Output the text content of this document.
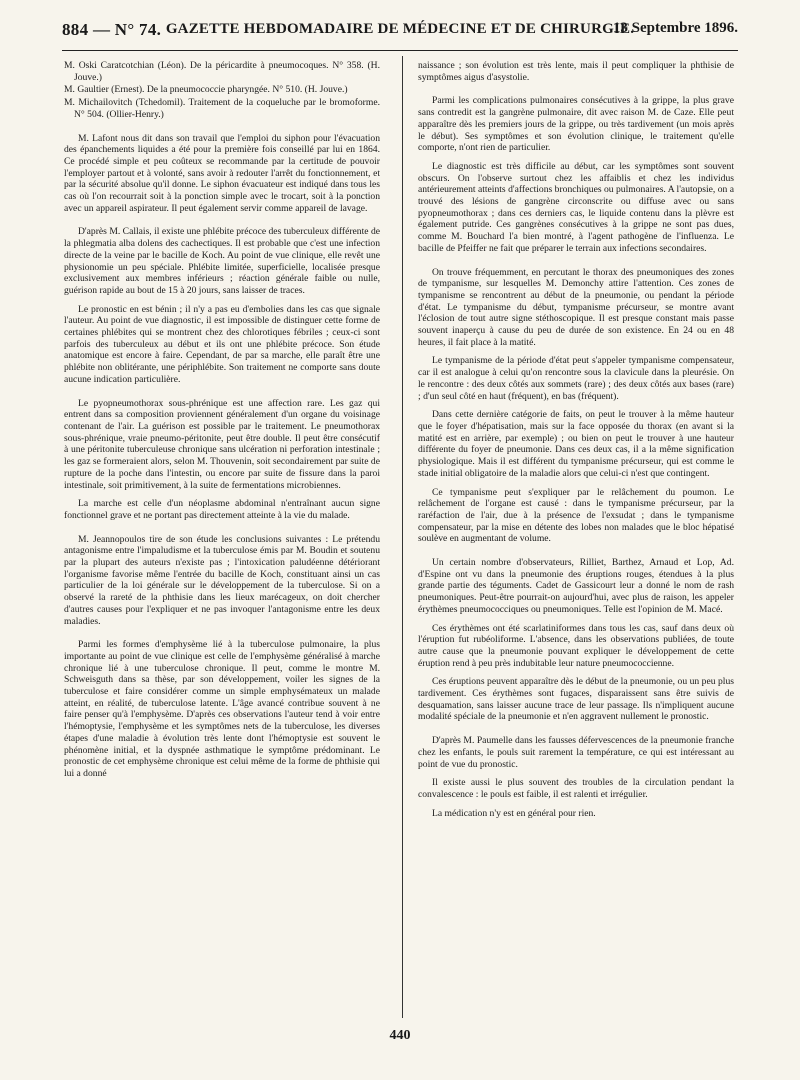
884 — N° 74. GAZETTE HEBDOMADAIRE DE MÉDECINE ET DE CHIRURGIE.
13 Septembre 1896.

M. Oski Caratcotchian (Léon). De la péricardite à pneumocoques. N° 358. (H. Jouve.)

M. Gaultier (Ernest). De la pneumococcie pharyngée. N° 510. (H. Jouve.)

M. Michailovitch (Tchedomil). Traitement de la coqueluche par le bromoforme. N° 504. (Ollier-Henry.)

M. Lafont nous dit dans son travail que l'emploi du siphon pour l'évacuation des épanchements liquides a été pour la première fois conseillé par lui en 1864. Ce procédé simple et peu coûteux se recommande par la certitude de pouvoir l'employer partout et à volonté, sans avoir à redouter l'arrêt du fonctionnement, et par la sécurité absolue qu'il donne. Le siphon évacuateur est indiqué dans tous les cas où l'on recourrait soit à la ponction simple avec le trocart, soit à la ponction avec un appareil aspirateur. Il peut également servir comme appareil de lavage.

D'après M. Callais, il existe une phlébite précoce des tuberculeux différente de la phlegmatia alba dolens des cachectiques. Il est probable que c'est une infection directe de la veine par le bacille de Koch. Au point de vue clinique, elle revêt une physionomie un peu spéciale. Phlébite limitée, superficielle, localisée presque exclusivement aux membres inférieurs ; réaction générale faible ou nulle, guérison rapide au bout de 15 à 20 jours, sans laisser de traces.

Le pronostic en est bénin ; il n'y a pas eu d'embolies dans les cas que signale l'auteur. Au point de vue diagnostic, il est impossible de distinguer cette forme de certaines phlébites qui se montrent chez des chlorotiques fébriles ; ceux-ci sont parfois des tuberculeux au début et ils ont une phlébite précoce. Son étude anatomique est encore à faire. Cependant, de par sa marche, elle paraît être une phlébite non oblitérante, une périphlébite. Son traitement ne comporte sans doute aucune indication particulière.

Le pyopneumothorax sous-phrénique est une affection rare. Les gaz qui entrent dans sa composition proviennent généralement d'un organe du voisinage contenant de l'air. La guérison est possible par le traitement. Le pneumothorax sous-phrénique, vraie pneumo-péritonite, peut être double. Il peut être consécutif à une péritonite tuberculeuse chronique sans ulcération ni perforation intestinale ; les gaz se formeraient alors, selon M. Thouvenin, soit secondairement par suite de rupture de la poche dans l'intestin, ou encore par suite de fissure dans la paroi intestinale, soit primitivement, à la suite de fermentations microbiennes.

La marche est celle d'un néoplasme abdominal n'entraînant aucun signe fonctionnel grave et ne portant pas directement atteinte à la vie du malade.

M. Jeannopoulos tire de son étude les conclusions suivantes : Le prétendu antagonisme entre l'impaludisme et la tuberculose émis par M. Boudin et soutenu par la plupart des auteurs n'existe pas ; l'intoxication paludéenne détériorant l'organisme favorise même l'entrée du bacille de Koch, constituant ainsi un cas particulier de la loi générale sur le développement de la tuberculose. Si on a observé la rareté de la phthisie dans les lieux marécageux, on doit chercher d'autres causes pour l'expliquer et ne pas invoquer l'antagonisme entre les deux maladies.

Parmi les formes d'emphysème lié à la tuberculose pulmonaire, la plus importante au point de vue clinique est celle de l'emphysème généralisé à marche chronique lié à une tuberculose chronique. Il peut, comme le montre M. Schweisguth dans sa thèse, par son développement, voiler les signes de la tuberculose et faire considérer comme un simple emphysémateux un malade atteint, en réalité, de tuberculose latente. L'âge avancé contribue souvent à ne faire penser qu'à l'emphysème. D'après ces observations l'auteur tend à voir entre l'hémoptysie, l'emphysème et les symptômes nets de la tuberculose, les diverses étapes d'une maladie à évolution très lente dont l'hémoptysie est souvent le phénomène initial, et la dyspnée asthmatique le symptôme prédominant. Le pronostic de cet emphysème chronique est celui même de la forme de phthisie qui lui a donné

naissance ; son évolution est très lente, mais il peut compliquer la phthisie de symptômes aigus d'asystolie.

Parmi les complications pulmonaires consécutives à la grippe, la plus grave sans contredit est la gangrène pulmonaire, dit avec raison M. de Caze. Elle peut apparaître dès les premiers jours de la grippe, ou très tardivement (un mois après le début). Ses symptômes et son évolution clinique, le traitement qu'elle comporte, n'ont rien de particulier.

Le diagnostic est très difficile au début, car les symptômes sont souvent obscurs. On l'observe surtout chez les affaiblis et chez les individus antérieurement atteints d'affections bronchiques ou pulmonaires. A l'autopsie, on a trouvé des lésions de gangrène circonscrite ou diffuse avec ou sans pyopneumothorax ; dans ces derniers cas, le liquide contenu dans la plèvre est également putride. Ces gangrènes consécutives à la grippe ne sont pas dues, comme M. Bouchard l'a bien montré, à l'agent pathogène de l'influenza. Le bacille de Pfeiffer ne fait que préparer le terrain aux infections secondaires.

On trouve fréquemment, en percutant le thorax des pneumoniques des zones de tympanisme, sur lesquelles M. Demonchy attire l'attention. Ces zones de tympanisme se rencontrent au début de la pneumonie, ou pendant la période d'état. Le tympanisme du début, tympanisme précurseur, se montre avant l'éclosion de tout autre signe stéthoscopique. Il est presque constant mais passe souvent inaperçu à cause du peu de durée de son existence. En 24 ou en 48 heures, il fait place à la matité.

Le tympanisme de la période d'état peut s'appeler tympanisme compensateur, car il est analogue à celui qu'on rencontre sous la clavicule dans la pleurésie. On le rencontre : des deux côtés aux sommets (rare) ; des deux côtés aux bases (rare) ; d'un seul côté en haut (fréquent), en bas (fréquent).

Dans cette dernière catégorie de faits, on peut le trouver à la même hauteur que le foyer d'hépatisation, mais sur la face opposée du thorax (en avant si la matité est en arrière, par exemple) ; ou bien on peut le trouver à une hauteur différente du foyer de pneumonie. Dans ces deux cas, il a la même signification physiologique. Mais il est différent du tympanisme précurseur, qui est comme le stade initial obligatoire de la maladie alors que celui-ci n'est que contingent.

Ce tympanisme peut s'expliquer par le relâchement du poumon. Le relâchement de l'organe est causé : dans le tympanisme précurseur, par la raréfaction de l'air, due à la présence de l'exsudat ; dans le tympanisme compensateur, par la mise en détente des lobes non malades que le bloc hépatisé soulève en augmentant de volume.

Un certain nombre d'observateurs, Rilliet, Barthez, Arnaud et Lop, Ad. d'Espine ont vu dans la pneumonie des éruptions rouges, étendues à la plus grande partie des téguments. Cadet de Gassicourt leur a donné le nom de rash pneumoniques. Peut-être pourrait-on aujourd'hui, avec plus de raison, les appeler érythèmes pneumococciques ou pneumoniques. Telle est l'opinion de M. Macé.

Ces érythèmes ont été scarlatiniformes dans tous les cas, sauf dans deux où l'éruption fut rubéoliforme. L'absence, dans les observations publiées, de toute autre cause que la pneumonie pouvant expliquer le développement de cette éruption rend à peu près indubitable leur nature pneumococcienne.

Ces éruptions peuvent apparaître dès le début de la pneumonie, ou un peu plus tardivement. Ces érythèmes sont fugaces, disparaissent sans être suivis de desquamation, sans laisser aucune trace de leur passage. Ils n'impliquent aucune modalité spéciale de la pneumonie et n'en aggravent nullement le pronostic.

D'après M. Paumelle dans les fausses défervescences de la pneumonie franche chez les enfants, le pouls suit rarement la température, ce qui est intéressant au point de vue du pronostic.

Il existe aussi le plus souvent des troubles de la circulation pendant la convalescence : le pouls est faible, il est ralenti et irrégulier.

La médication n'y est en général pour rien.

440
